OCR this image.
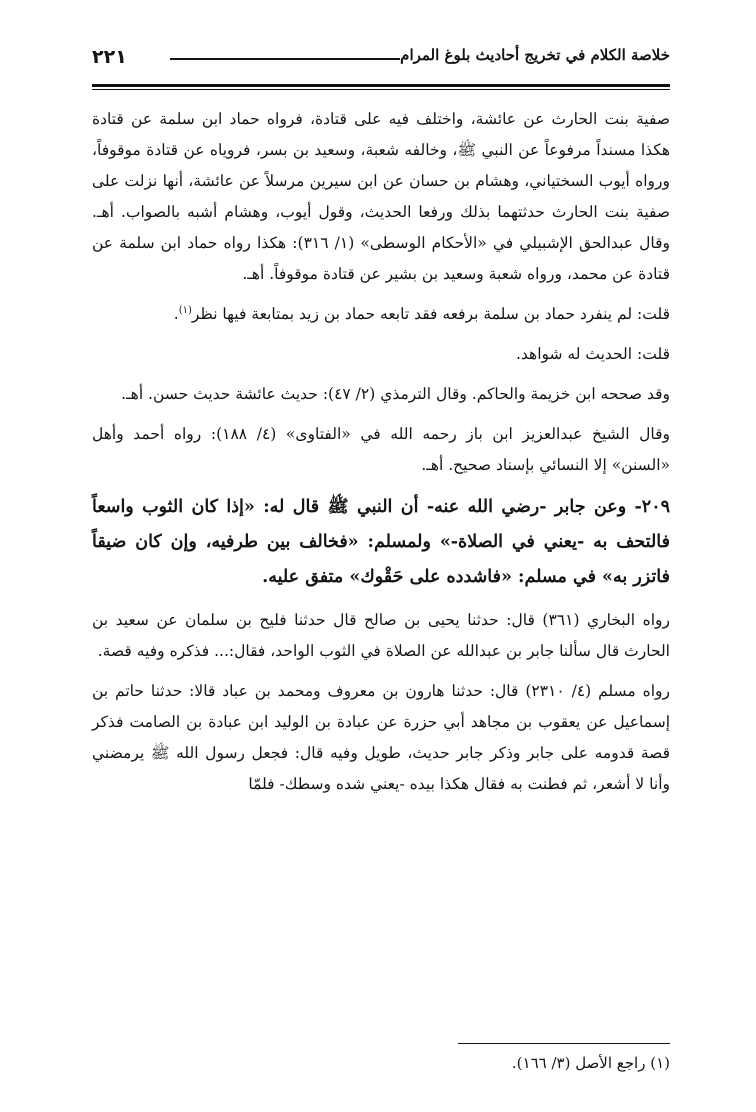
٢٢١	خلاصة الكلام في تخريج أحاديث بلوغ المرام

صفية بنت الحارث عن عائشة، واختلف فيه على قتادة، فرواه حماد ابن سلمة عن قتادة هكذا مسنداً مرفوعاً عن النبي ﷺ، وخالفه شعبة، وسعيد بن بسر، فروياه عن قتادة موقوفاً، ورواه أيوب السختياني، وهشام بن حسان عن ابن سيرين مرسلاً عن عائشة، أنها نزلت على صفية بنت الحارث حدثتهما بذلك ورفعا الحديث، وقول أيوب، وهشام أشبه بالصواب. أهـ. وقال عبدالحق الإشبيلي في «الأحكام الوسطى» (١/ ٣١٦): هكذا رواه حماد ابن سلمة عن قتادة عن محمد، ورواه شعبة وسعيد بن بشير عن قتادة موقوفاً. أهـ.

قلت: لم ينفرد حماد بن سلمة برفعه فقد تابعه حماد بن زيد بمتابعة فيها نظر$^{(١)}$.

قلت: الحديث له شواهد.

وقد صححه ابن خزيمة والحاكم. وقال الترمذي (٢/ ٤٧): حديث عائشة حديث حسن. أهـ.

وقال الشيخ عبدالعزيز ابن باز رحمه الله في «الفتاوى» (٤/ ١٨٨): رواه أحمد وأهل «السنن» إلا النسائي بإسناد صحيح. أهـ.

٢٠٩- وعن جابر -رضي الله عنه- أن النبي ﷺ قال له: «إذا كان الثوب واسعاً فالتحف به -يعني في الصلاة-» ولمسلم: «فخالف بين طرفيه، وإن كان ضيقاً فاتزر به» في مسلم: «فاشدده على حَقْوك» متفق عليه.

رواه البخاري (٣٦١) قال: حدثنا يحيى بن صالح قال حدثنا فليح بن سلمان عن سعيد بن الحارث قال سألنا جابر بن عبدالله عن الصلاة في الثوب الواحد، فقال:... فذكره وفيه قصة.

رواه مسلم (٤/ ٢٣١٠) قال: حدثنا هارون بن معروف ومحمد بن عباد قالا: حدثنا حاتم بن إسماعيل عن يعقوب بن مجاهد أبي حزرة عن عبادة بن الوليد ابن عبادة بن الصامت فذكر قصة قدومه على جابر وذكر جابر حديث، طويل وفيه قال: فجعل رسول الله ﷺ يرمضني وأنا لا أشعر، ثم فطنت به فقال هكذا بيده -يعني شده وسطك- فلمّا

(١) راجع الأصل (٣/ ١٦٦).
